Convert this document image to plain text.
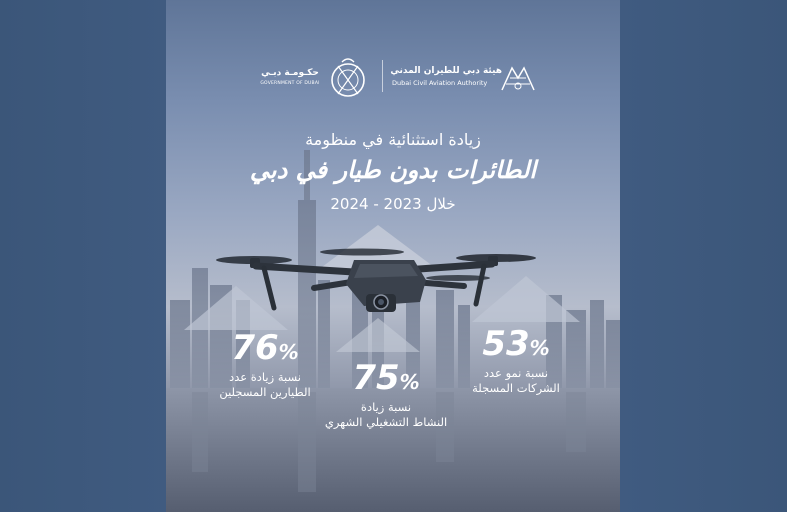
حكـومـة دبـي
GOVERNMENT OF DUBAI
هيئة دبي للطيران المدني
Dubai Civil Aviation Authority
زيادة استثنائية في منظومة
الطائرات بدون طيار في دبي
خلال 2023 - 2024
76%
نسبة زيادة عدد
الطيارين المسجلين	75%
نسبة زيادة
النشاط التشغيلي الشهري
53%
نسبة نمو عدد
الشركات المسجلة
